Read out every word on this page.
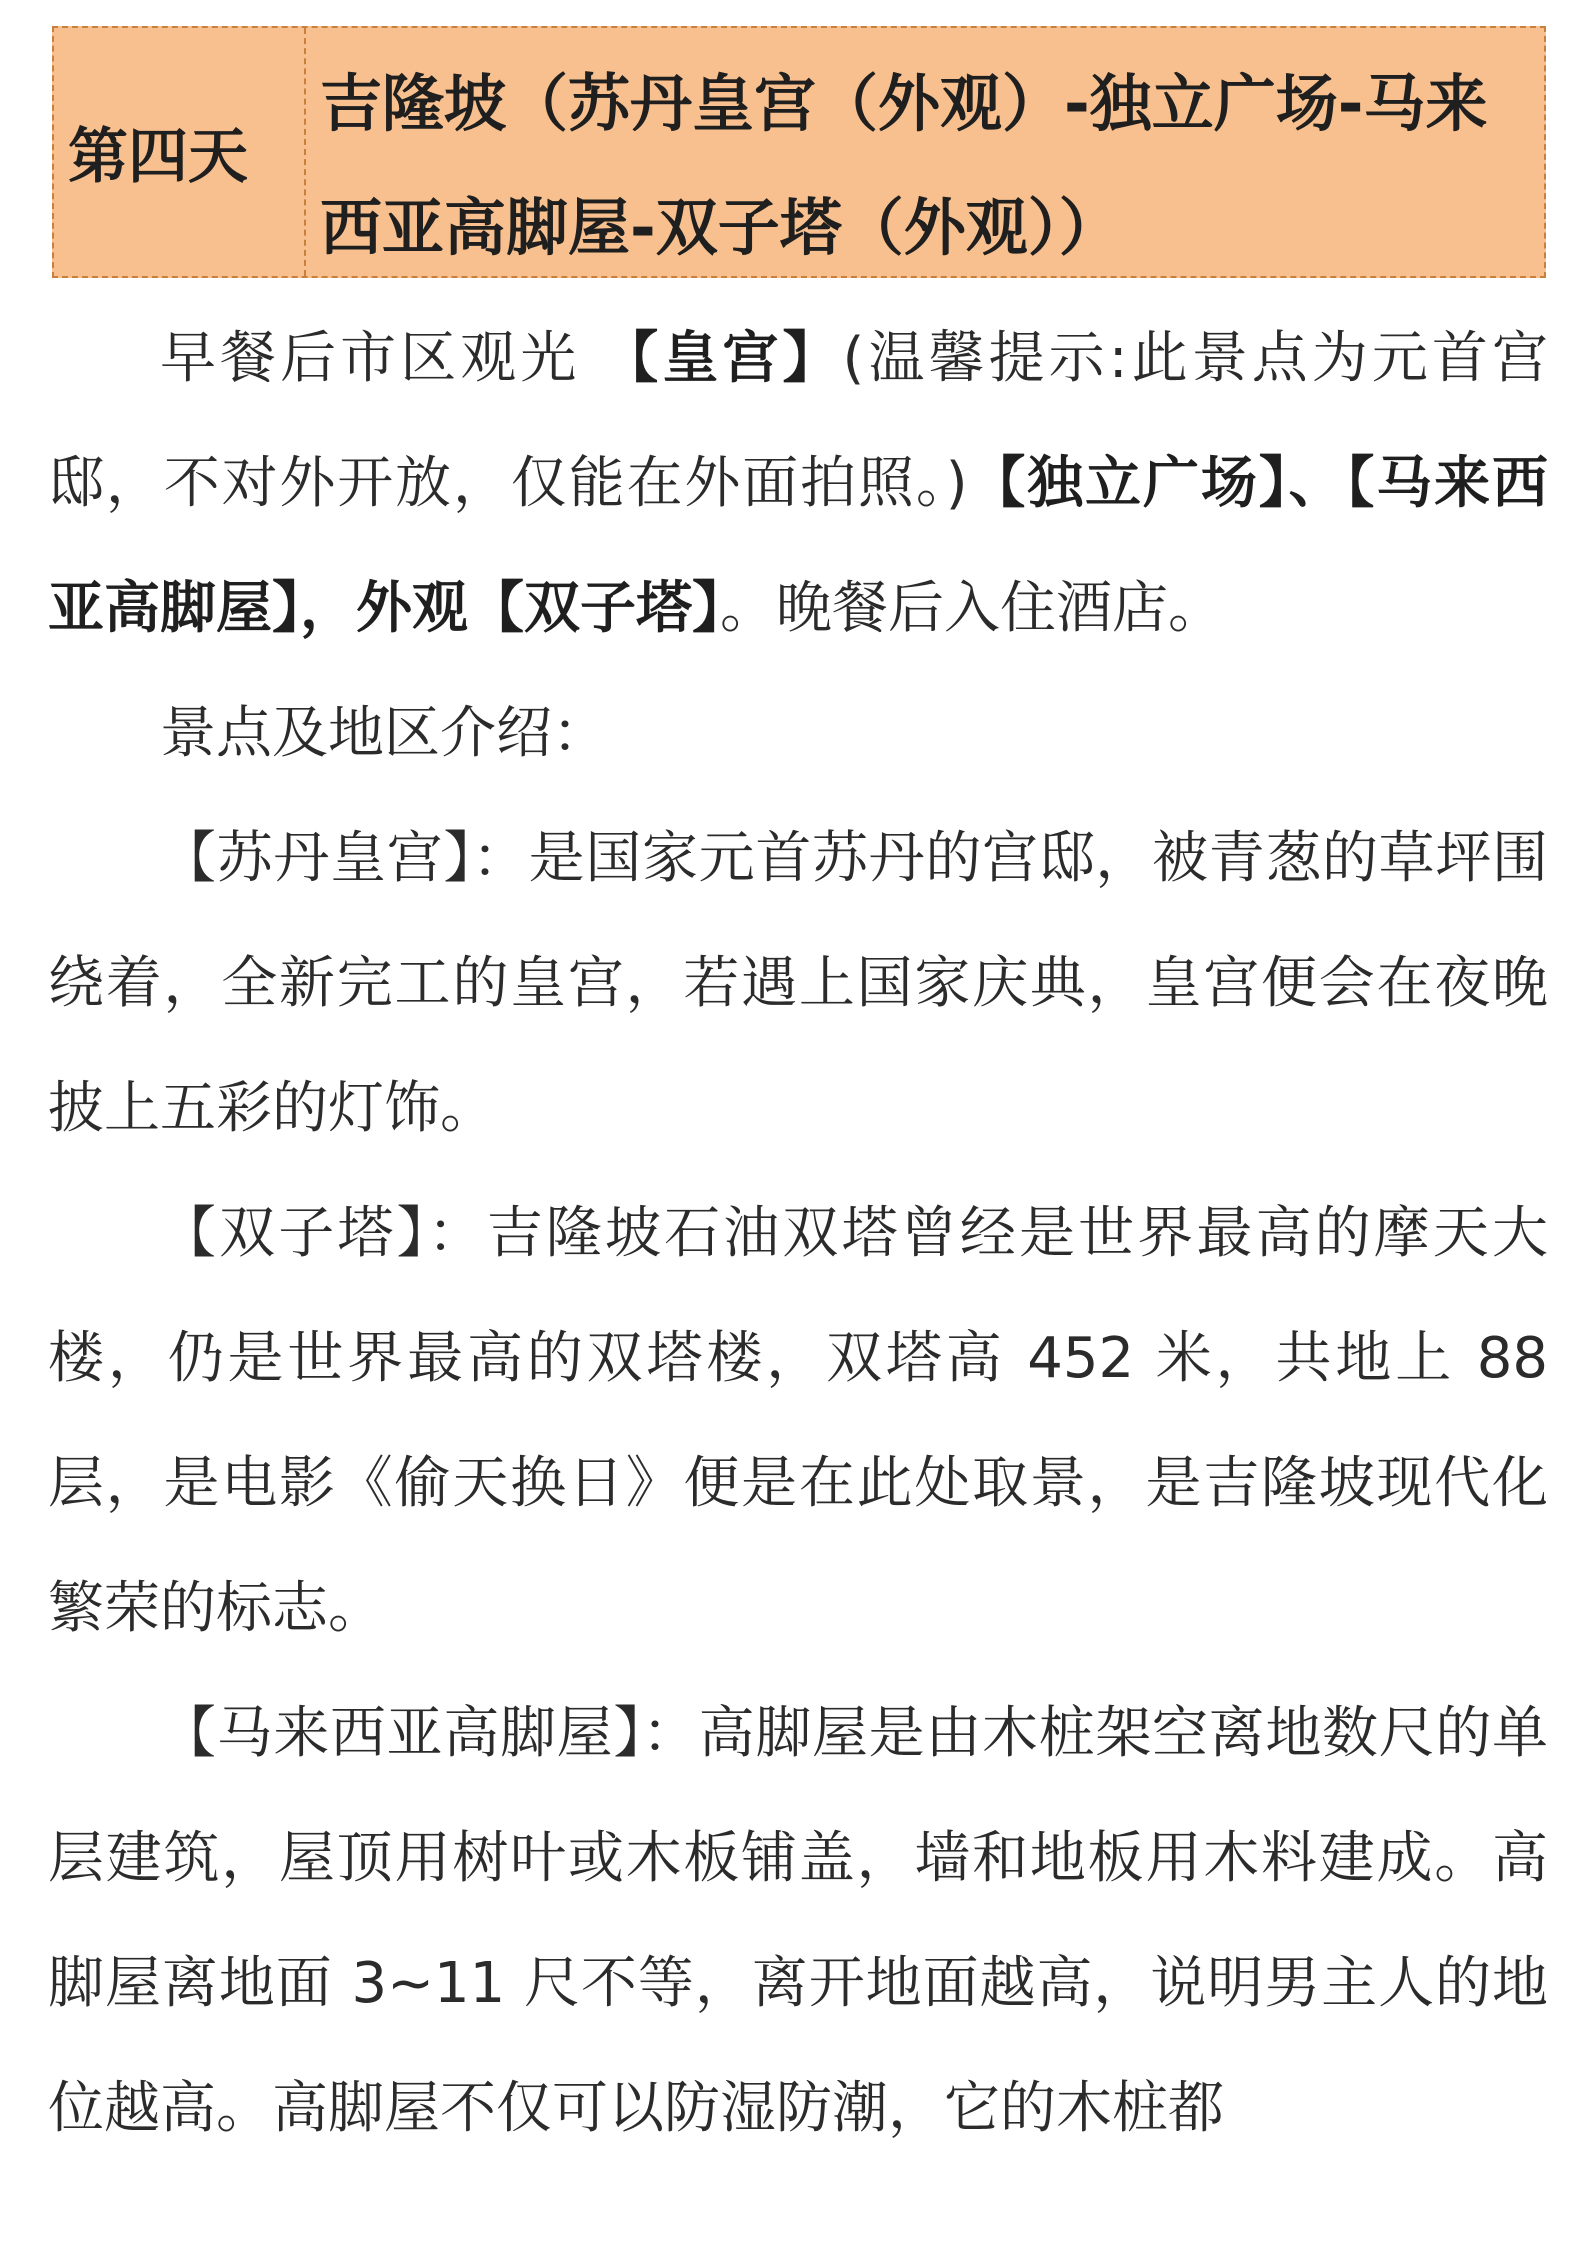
第四天
吉隆坡（苏丹皇宫（外观）-独立广场-马来西亚高脚屋-双子塔（外观））

早餐后市区观光 【皇宫】(温馨提示:此景点为元首宫邸，不对外开放，仅能在外面拍照。)【独立广场】、【马来西亚高脚屋】，外观【双子塔】。晚餐后入住酒店。

景点及地区介绍：

【苏丹皇宫】：是国家元首苏丹的宫邸，被青葱的草坪围绕着，全新完工的皇宫，若遇上国家庆典，皇宫便会在夜晚披上五彩的灯饰。

【双子塔】：吉隆坡石油双塔曾经是世界最高的摩天大楼，仍是世界最高的双塔楼，双塔高 452 米，共地上 88 层，是电影《偷天换日》便是在此处取景，是吉隆坡现代化繁荣的标志。

【马来西亚高脚屋】：高脚屋是由木桩架空离地数尺的单层建筑，屋顶用树叶或木板铺盖，墙和地板用木料建成。高脚屋离地面 3~11 尺不等，离开地面越高，说明男主人的地位越高。高脚屋不仅可以防湿防潮，它的木桩都
